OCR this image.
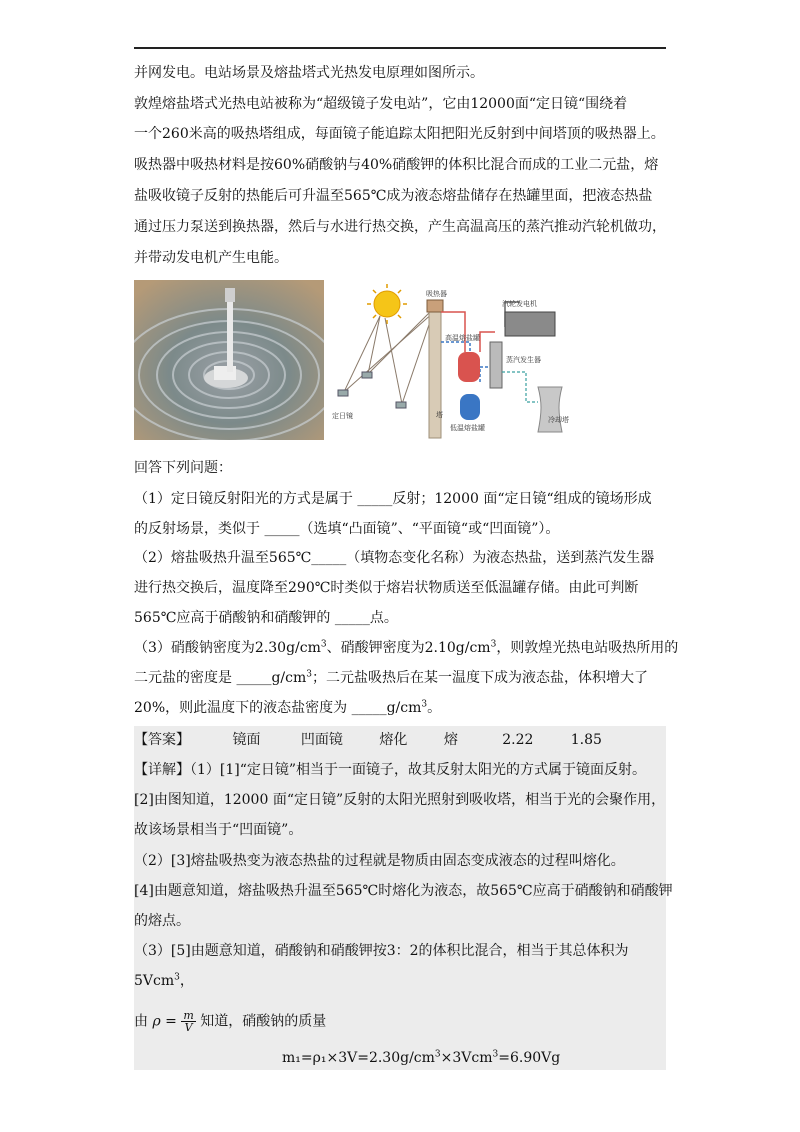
并网发电。电站场景及熔盐塔式光热发电原理如图所示。
敦煌熔盐塔式光热电站被称为“超级镜子发电站”，它由12000面“定日镜“围绕着
一个260米高的吸热塔组成，每面镜子能追踪太阳把阳光反射到中间塔顶的吸热器上。
吸热器中吸热材料是按60%硝酸钠与40%硝酸钾的体积比混合而成的工业二元盐，熔
盐吸收镜子反射的热能后可升温至565℃成为液态熔盐储存在热罐里面，把液态热盐
通过压力泵送到换热器，然后与水进行热交换，产生高温高压的蒸汽推动汽轮机做功，
并带动发电机产生电能。
吸热器
塔
定日镜
高温熔盐罐
低温熔盐罐
蒸汽发生器
汽轮发电机
冷却塔
回答下列问题：
（1）定日镜反射阳光的方式是属于 _____反射；12000 面“定日镜“组成的镜场形成
的反射场景，类似于 _____（选填“凸面镜”、“平面镜“或“凹面镜”）。
（2）熔盐吸热升温至565℃_____（填物态变化名称）为液态热盐，送到蒸汽发生器
进行热交换后，温度降至290℃时类似于熔岩状物质送至低温罐存储。由此可判断
565℃应高于硝酸钠和硝酸钾的 _____点。
（3）硝酸钠密度为$2.30g/cm^3$、硝酸钾密度为$2.10g/cm^3$，则敦煌光热电站吸热所用的
二元盐的密度是 $\_\_\_\_\_g/cm^3$；二元盐吸热后在某一温度下成为液态盐，体积增大了
20%，则此温度下的液态盐密度为 $\_\_\_\_\_g/cm^3$。
【答案】	镜面	凹面镜	熔化	熔	2.22	1.85
【详解】（1）[1]“定日镜”相当于一面镜子，故其反射太阳光的方式属于镜面反射。
[2]由图知道，12000 面“定日镜”反射的太阳光照射到吸收塔，相当于光的会聚作用，
故该场景相当于“凹面镜”。
（2）[3]熔盐吸热变为液态热盐的过程就是物质由固态变成液态的过程叫熔化。
[4]由题意知道，熔盐吸热升温至565℃时熔化为液态，故565℃应高于硝酸钠和硝酸钾
的熔点。
（3）[5]由题意知道，硝酸钠和硝酸钾按3：2的体积比混合，相当于其总体积为
5Vcm$^3$，
由 $\rho = \frac{m}{V}$ 知道，硝酸钠的质量
$m_1=\rho_1\times 3V=2.30g/cm^3\times 3Vcm^3=6.90Vg$
